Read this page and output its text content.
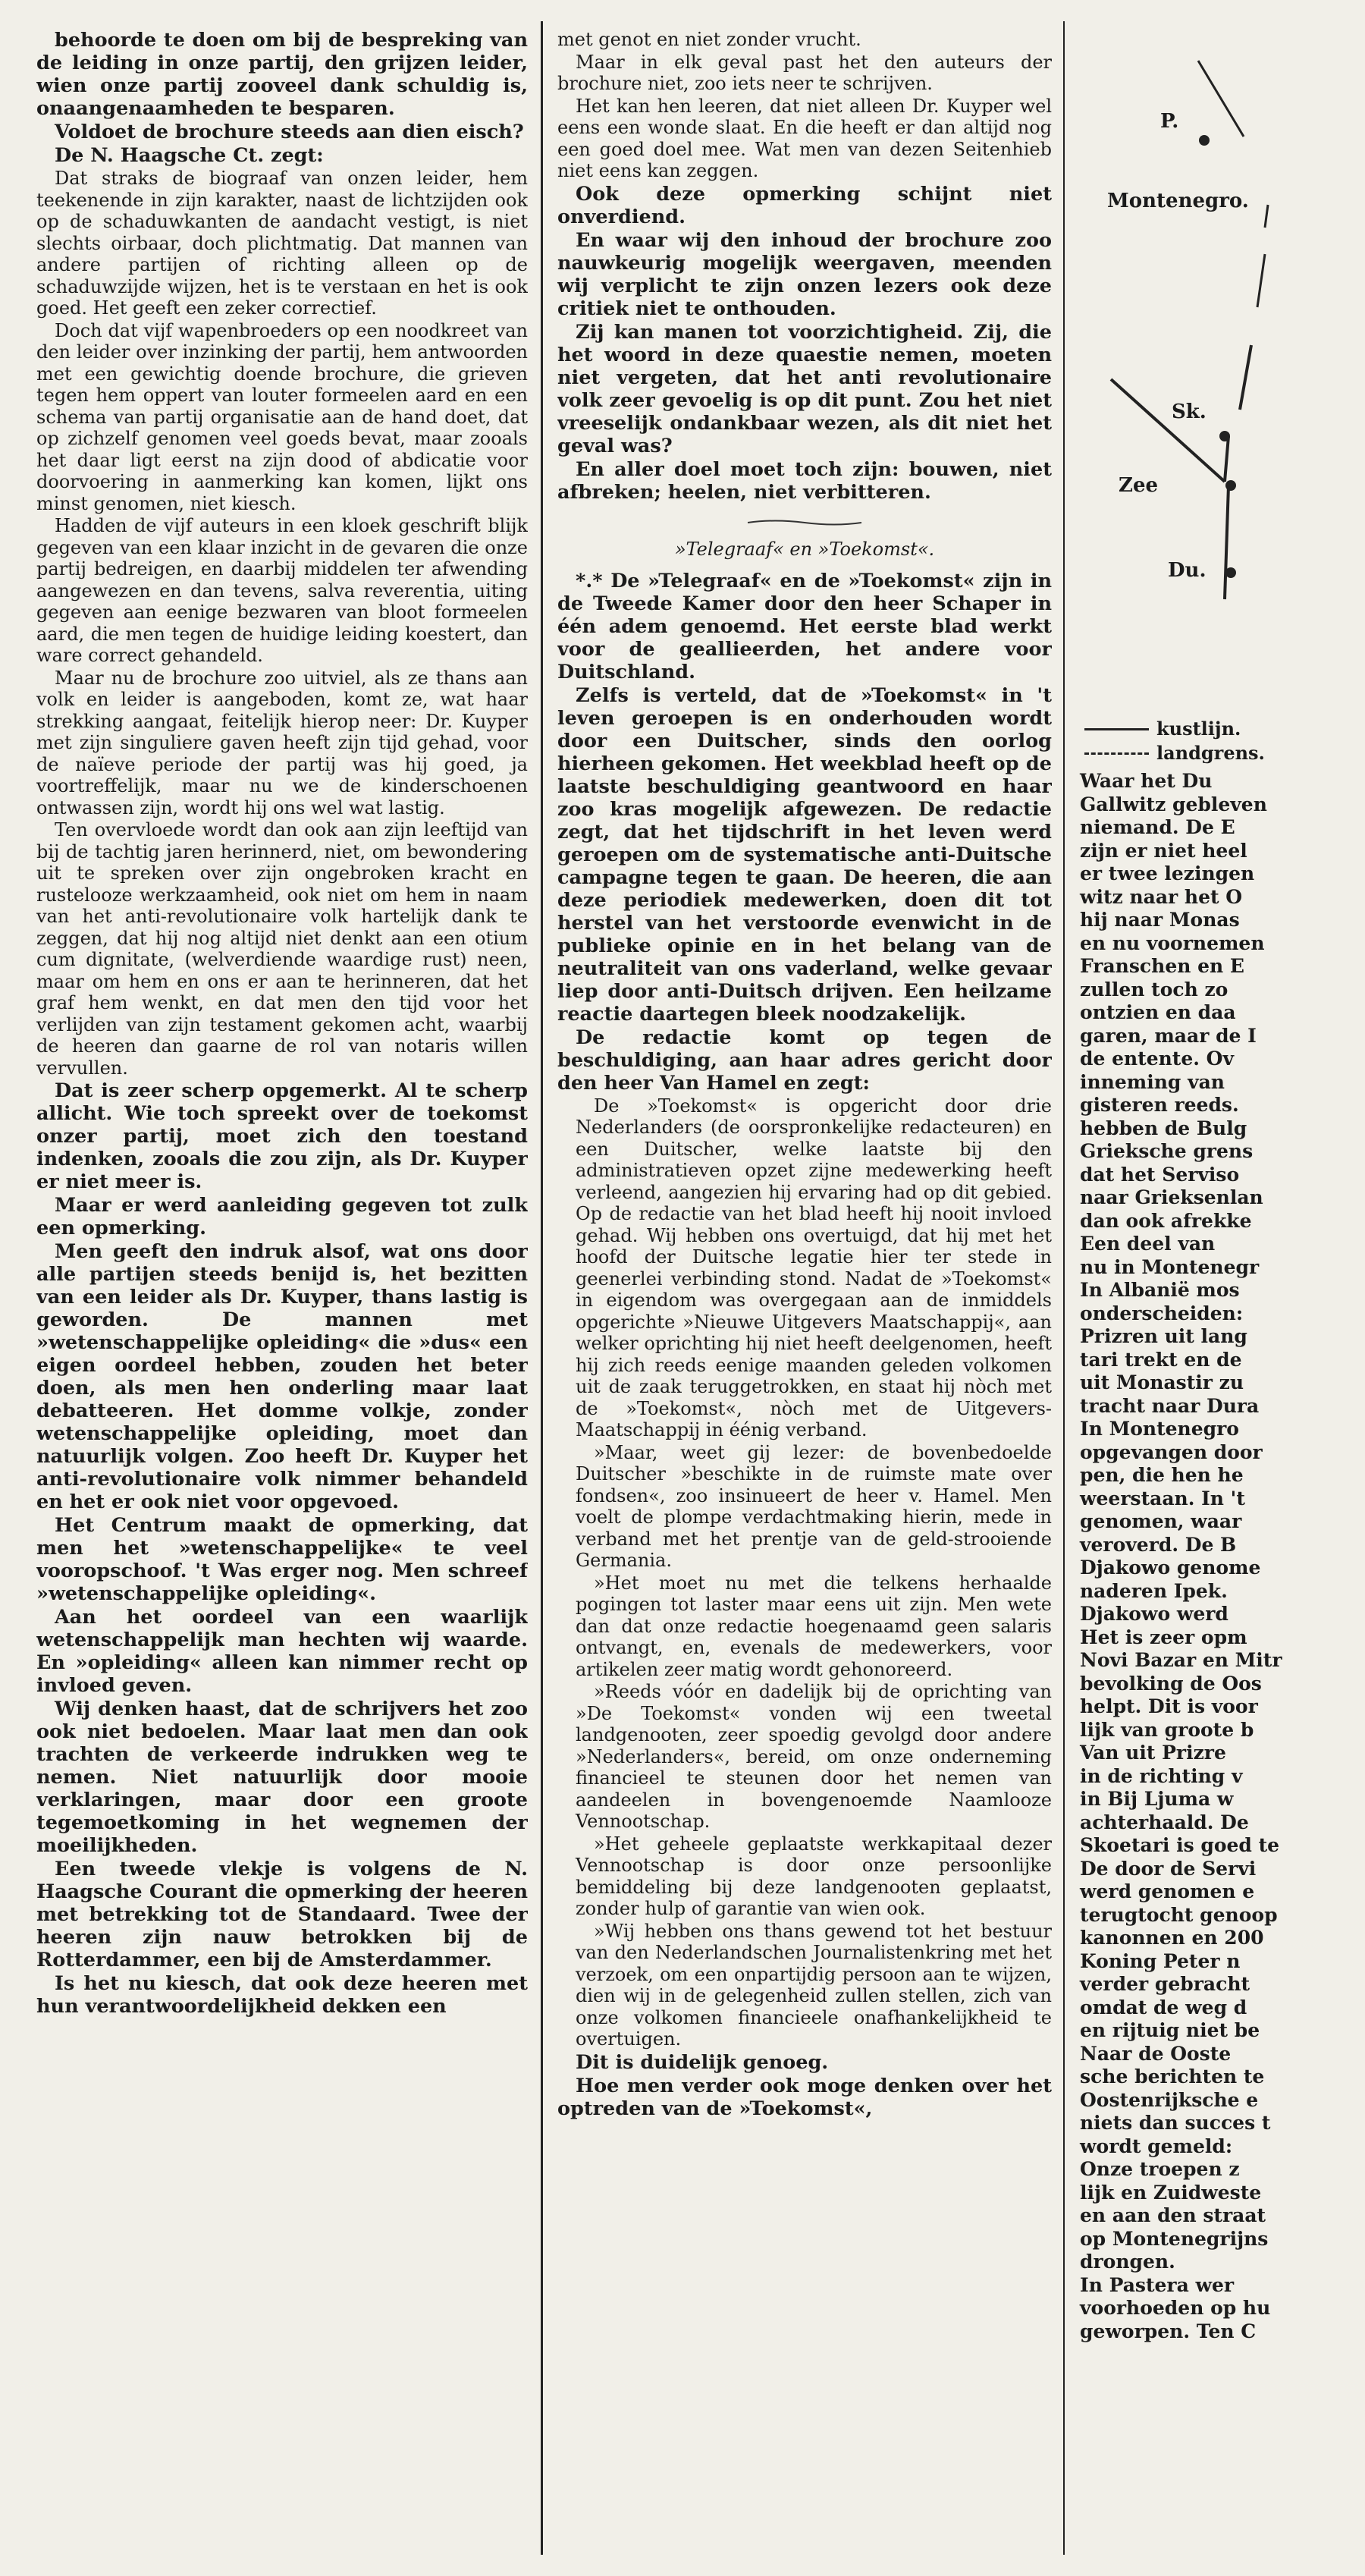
behoorde te doen om bij de bespreking van de leiding in onze partij, den grijzen leider, wien onze partij zooveel dank schuldig is, onaangenaamheden te besparen.

Voldoet de brochure steeds aan dien eisch?

De N. Haagsche Ct. zegt:

Dat straks de biograaf van onzen leider, hem teekenende in zijn karakter, naast de lichtzijden ook op de schaduwkanten de aandacht vestigt, is niet slechts oirbaar, doch plichtmatig. Dat mannen van andere partijen of richting alleen op de schaduwzijde wijzen, het is te verstaan en het is ook goed. Het geeft een zeker correctief.

Doch dat vijf wapenbroeders op een noodkreet van den leider over inzinking der partij, hem antwoorden met een gewichtig doende brochure, die grieven tegen hem oppert van louter formeelen aard en een schema van partij organisatie aan de hand doet, dat op zichzelf genomen veel goeds bevat, maar zooals het daar ligt eerst na zijn dood of abdicatie voor doorvoering in aanmerking kan komen, lijkt ons minst genomen, niet kiesch.

Hadden de vijf auteurs in een kloek geschrift blijk gegeven van een klaar inzicht in de gevaren die onze partij bedreigen, en daarbij middelen ter afwending aangewezen en dan tevens, salva reverentia, uiting gegeven aan eenige bezwaren van bloot formeelen aard, die men tegen de huidige leiding koestert, dan ware correct gehandeld.

Maar nu de brochure zoo uitviel, als ze thans aan volk en leider is aangeboden, komt ze, wat haar strekking aangaat, feitelijk hierop neer: Dr. Kuyper met zijn singuliere gaven heeft zijn tijd gehad, voor de naïeve periode der partij was hij goed, ja voortreffelijk, maar nu we de kinderschoenen ontwassen zijn, wordt hij ons wel wat lastig.

Ten overvloede wordt dan ook aan zijn leeftijd van bij de tachtig jaren herinnerd, niet, om bewondering uit te spreken over zijn ongebroken kracht en rustelooze werkzaamheid, ook niet om hem in naam van het anti-revolutionaire volk hartelijk dank te zeggen, dat hij nog altijd niet denkt aan een otium cum dignitate, (welverdiende waardige rust) neen, maar om hem en ons er aan te herinneren, dat het graf hem wenkt, en dat men den tijd voor het verlijden van zijn testament gekomen acht, waarbij de heeren dan gaarne de rol van notaris willen vervullen.

Dat is zeer scherp opgemerkt. Al te scherp allicht. Wie toch spreekt over de toekomst onzer partij, moet zich den toestand indenken, zooals die zou zijn, als Dr. Kuyper er niet meer is.

Maar er werd aanleiding gegeven tot zulk een opmerking.

Men geeft den indruk alsof, wat ons door alle partijen steeds benijd is, het bezitten van een leider als Dr. Kuyper, thans lastig is geworden. De mannen met »wetenschappelijke opleiding« die »dus« een eigen oordeel hebben, zouden het beter doen, als men hen onderling maar laat debatteeren. Het domme volkje, zonder wetenschappelijke opleiding, moet dan natuurlijk volgen. Zoo heeft Dr. Kuyper het anti-revolutionaire volk nimmer behandeld en het er ook niet voor opgevoed.

Het Centrum maakt de opmerking, dat men het »wetenschappelijke« te veel vooropschoof. 't Was erger nog. Men schreef »wetenschappelijke opleiding«.

Aan het oordeel van een waarlijk wetenschappelijk man hechten wij waarde. En »opleiding« alleen kan nimmer recht op invloed geven.

Wij denken haast, dat de schrijvers het zoo ook niet bedoelen. Maar laat men dan ook trachten de verkeerde indrukken weg te nemen. Niet natuurlijk door mooie verklaringen, maar door een groote tegemoetkoming in het wegnemen der moeilijkheden.

Een tweede vlekje is volgens de N. Haagsche Courant die opmerking der heeren met betrekking tot de Standaard. Twee der heeren zijn nauw betrokken bij de Rotterdammer, een bij de Amsterdammer.

Is het nu kiesch, dat ook deze heeren met hun verantwoordelijkheid dekken een

met genot en niet zonder vrucht.

Maar in elk geval past het den auteurs der brochure niet, zoo iets neer te schrijven.

Het kan hen leeren, dat niet alleen Dr. Kuyper wel eens een wonde slaat. En die heeft er dan altijd nog een goed doel mee. Wat men van dezen Seitenhieb niet eens kan zeggen.

Ook deze opmerking schijnt niet onverdiend.

En waar wij den inhoud der brochure zoo nauwkeurig mogelijk weergaven, meenden wij verplicht te zijn onzen lezers ook deze critiek niet te onthouden.

Zij kan manen tot voorzichtigheid. Zij, die het woord in deze quaestie nemen, moeten niet vergeten, dat het anti revolutionaire volk zeer gevoelig is op dit punt. Zou het niet vreeselijk ondankbaar wezen, als dit niet het geval was?

En aller doel moet toch zijn: bouwen, niet afbreken; heelen, niet verbitteren.

»Telegraaf« en »Toekomst«.

*.* De »Telegraaf« en de »Toekomst« zijn in de Tweede Kamer door den heer Schaper in één adem genoemd. Het eerste blad werkt voor de geallieerden, het andere voor Duitschland.

Zelfs is verteld, dat de »Toekomst« in 't leven geroepen is en onderhouden wordt door een Duitscher, sinds den oorlog hierheen gekomen. Het weekblad heeft op de laatste beschuldiging geantwoord en haar zoo kras mogelijk afgewezen. De redactie zegt, dat het tijdschrift in het leven werd geroepen om de systematische anti-Duitsche campagne tegen te gaan. De heeren, die aan deze periodiek medewerken, doen dit tot herstel van het verstoorde evenwicht in de publieke opinie en in het belang van de neutraliteit van ons vaderland, welke gevaar liep door anti-Duitsch drijven. Een heilzame reactie daartegen bleek noodzakelijk.

De redactie komt op tegen de beschuldiging, aan haar adres gericht door den heer Van Hamel en zegt:

De »Toekomst« is opgericht door drie Nederlanders (de oorspronkelijke redacteuren) en een Duitscher, welke laatste bij den administratieven opzet zijne medewerking heeft verleend, aangezien hij ervaring had op dit gebied. Op de redactie van het blad heeft hij nooit invloed gehad. Wij hebben ons overtuigd, dat hij met het hoofd der Duitsche legatie hier ter stede in geenerlei verbinding stond. Nadat de »Toekomst« in eigendom was overgegaan aan de inmiddels opgerichte »Nieuwe Uitgevers Maatschappij«, aan welker oprichting hij niet heeft deelgenomen, heeft hij zich reeds eenige maanden geleden volkomen uit de zaak teruggetrokken, en staat hij nòch met de »Toekomst«, nòch met de Uitgevers-Maatschappij in éénig verband.

»Maar, weet gij lezer: de bovenbedoelde Duitscher »beschikte in de ruimste mate over fondsen«, zoo insinueert de heer v. Hamel. Men voelt de plompe verdachtmaking hierin, mede in verband met het prentje van de geld-strooiende Germania.

»Het moet nu met die telkens herhaalde pogingen tot laster maar eens uit zijn. Men wete dan dat onze redactie hoegenaamd geen salaris ontvangt, en, evenals de medewerkers, voor artikelen zeer matig wordt gehonoreerd.

»Reeds vóór en dadelijk bij de oprichting van »De Toekomst« vonden wij een tweetal landgenooten, zeer spoedig gevolgd door andere »Nederlanders«, bereid, om onze onderneming financieel te steunen door het nemen van aandeelen in bovengenoemde Naamlooze Vennootschap.

»Het geheele geplaatste werkkapitaal dezer Vennootschap is door onze persoonlijke bemiddeling bij deze landgenooten geplaatst, zonder hulp of garantie van wien ook.

»Wij hebben ons thans gewend tot het bestuur van den Nederlandschen Journalistenkring met het verzoek, om een onpartijdig persoon aan te wijzen, dien wij in de gelegenheid zullen stellen, zich van onze volkomen financieele onafhankelijkheid te overtuigen.

Dit is duidelijk genoeg.

Hoe men verder ook moge denken over het optreden van de »Toekomst«,

P.
Montenegro.
Sk.
Zee
Du.
kustlijn.
landgrens.
Waar het Du
Gallwitz gebleven
niemand. De E
zijn er niet heel
er twee lezingen
witz naar het O
hij naar Monas
en nu voornemen
Franschen en E
zullen toch zo
ontzien en daa
garen, maar de I
de entente. Ov
inneming van
gisteren reeds.
hebben de Bulg
Grieksche grens
dat het Serviso
naar Grieksenlan
dan ook afrekke
Een deel van
nu in Montenegr
In Albanië mos
onderscheiden:
Prizren uit lang
tari trekt en de
uit Monastir zu
tracht naar Dura
In Montenegro
opgevangen door
pen, die hen he
weerstaan. In 't
genomen, waar
veroverd. De B
Djakowo genome
naderen Ipek.
Djakowo werd
Het is zeer opm
Novi Bazar en Mitr
bevolking de Oos
helpt. Dit is voor
lijk van groote b
Van uit Prizre
in de richting v
in Bij Ljuma w
achterhaald. De
Skoetari is goed te
De door de Servi
werd genomen e
terugtocht genoop
kanonnen en 200
Koning Peter n
verder gebracht
omdat de weg d
en rijtuig niet be
Naar de Ooste
sche berichten te
Oostenrijksche e
niets dan succes t
wordt gemeld:
Onze troepen z
lijk en Zuidweste
en aan den straat
op Montenegrijns
drongen.
In Pastera wer
voorhoeden op hu
geworpen. Ten C
